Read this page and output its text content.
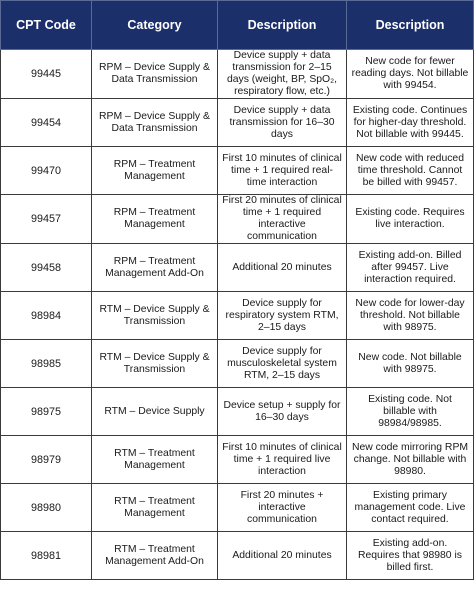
CPT Code	Category	Description	Description
99445	RPM – Device Supply & Data Transmission	Device supply + data transmission for 2–15 days (weight, BP, SpO₂, respiratory flow, etc.)	New code for fewer reading days. Not billable with 99454.
99454	RPM – Device Supply & Data Transmission	Device supply + data transmission for 16–30 days	Existing code. Continues for higher-day threshold. Not billable with 99445.
99470	RPM – Treatment Management	First 10 minutes of clinical time + 1 required real-time interaction	New code with reduced time threshold. Cannot be billed with 99457.
99457	RPM – Treatment Management	First 20 minutes of clinical time + 1 required interactive communication	Existing code. Requires live interaction.
99458	RPM – Treatment Management Add-On	Additional 20 minutes	Existing add-on. Billed after 99457. Live interaction required.
98984	RTM – Device Supply & Transmission	Device supply for respiratory system RTM, 2–15 days	New code for lower-day threshold. Not billable with 98975.
98985	RTM – Device Supply & Transmission	Device supply for musculoskeletal system RTM, 2–15 days	New code. Not billable with 98975.
98975	RTM – Device Supply	Device setup + supply for 16–30 days	Existing code. Not billable with 98984/98985.
98979	RTM – Treatment Management	First 10 minutes of clinical time + 1 required live interaction	New code mirroring RPM change. Not billable with 98980.
98980	RTM – Treatment Management	First 20 minutes + interactive communication	Existing primary management code. Live contact required.
98981	RTM – Treatment Management Add-On	Additional 20 minutes	Existing add-on. Requires that 98980 is billed first.
